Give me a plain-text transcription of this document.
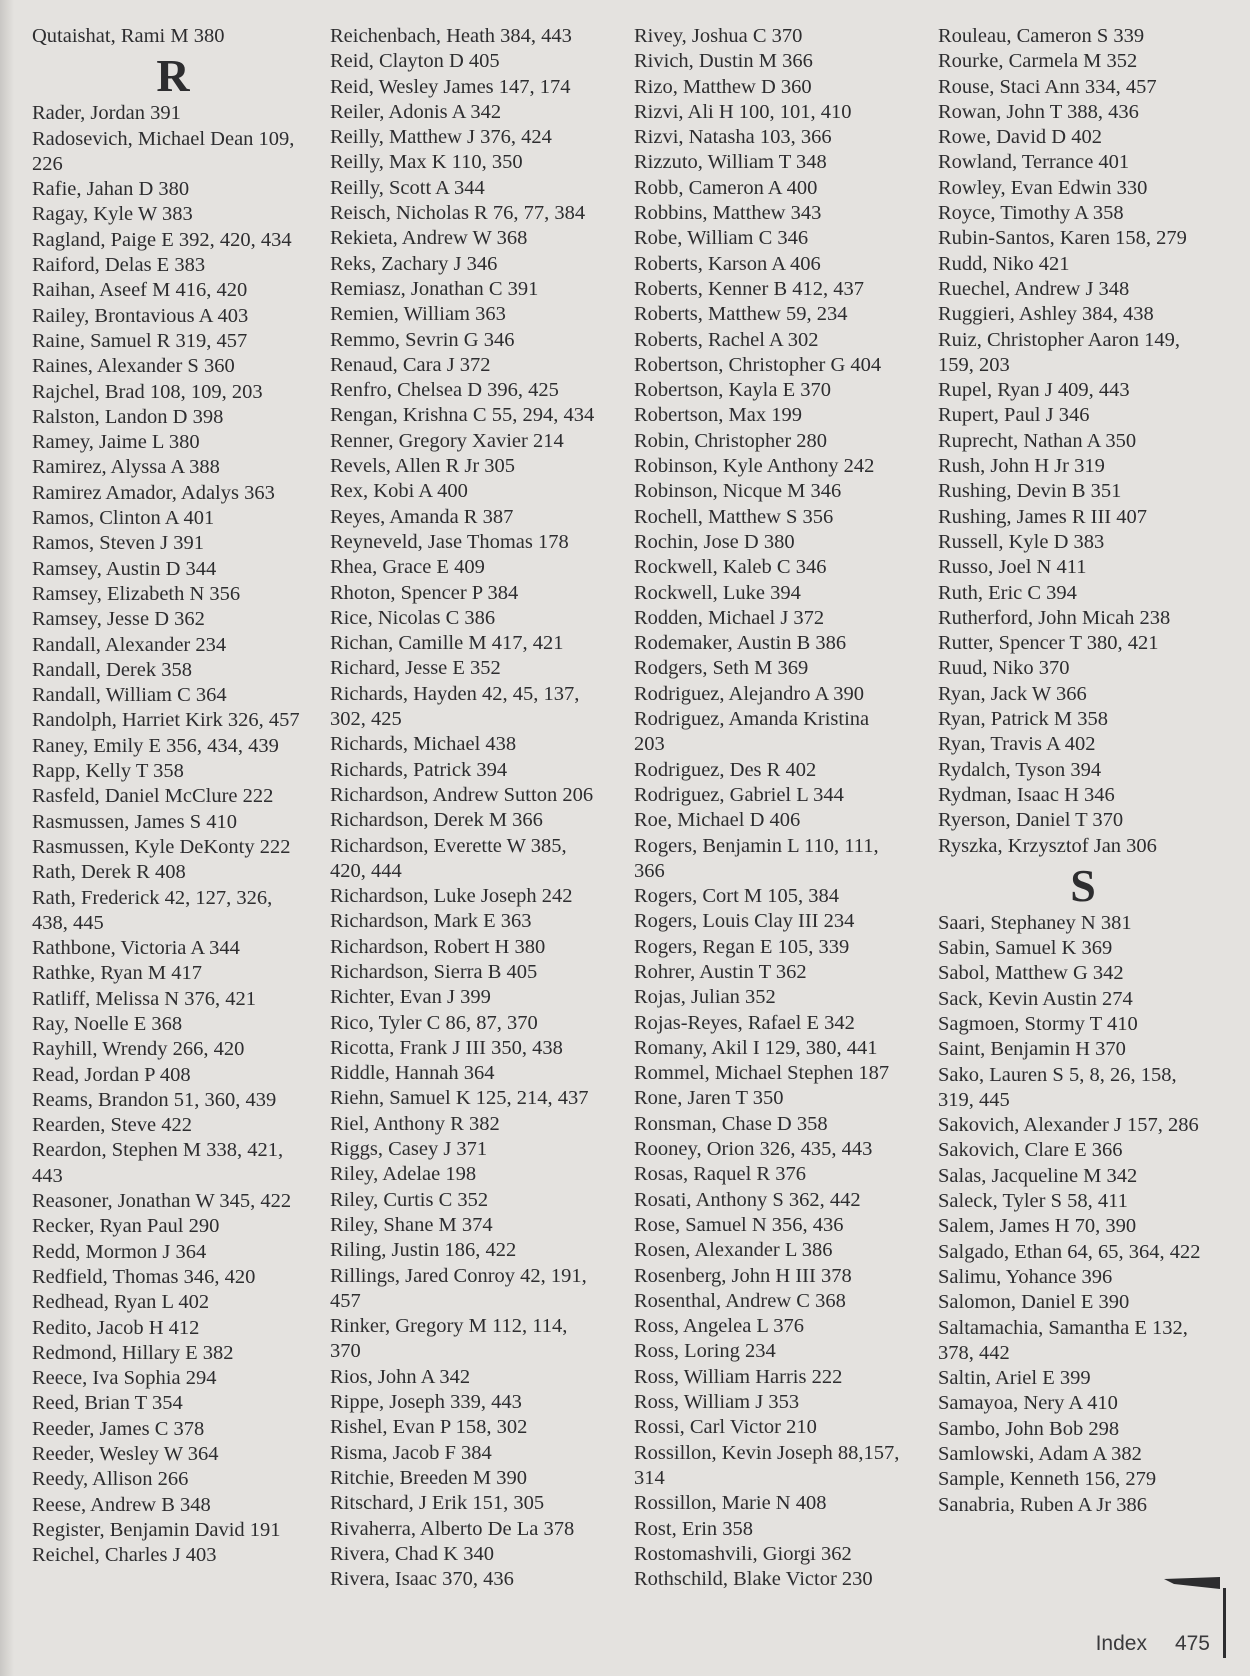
Qutaishat, Rami M 380
R
Rader, Jordan 391
Radosevich, Michael Dean 109,
226
Rafie, Jahan D 380
Ragay, Kyle W 383
Ragland, Paige E 392, 420, 434
Raiford, Delas E 383
Raihan, Aseef M 416, 420
Railey, Brontavious A 403
Raine, Samuel R 319, 457
Raines, Alexander S 360
Rajchel, Brad 108, 109, 203
Ralston, Landon D 398
Ramey, Jaime L 380
Ramirez, Alyssa A 388
Ramirez Amador, Adalys 363
Ramos, Clinton A 401
Ramos, Steven J 391
Ramsey, Austin D 344
Ramsey, Elizabeth N 356
Ramsey, Jesse D 362
Randall, Alexander 234
Randall, Derek 358
Randall, William C 364
Randolph, Harriet Kirk 326, 457
Raney, Emily E 356, 434, 439
Rapp, Kelly T 358
Rasfeld, Daniel McClure 222
Rasmussen, James S 410
Rasmussen, Kyle DeKonty 222
Rath, Derek R 408
Rath, Frederick 42, 127, 326,
438, 445
Rathbone, Victoria A 344
Rathke, Ryan M 417
Ratliff, Melissa N 376, 421
Ray, Noelle E 368
Rayhill, Wrendy 266, 420
Read, Jordan P 408
Reams, Brandon 51, 360, 439
Rearden, Steve 422
Reardon, Stephen M 338, 421,
443
Reasoner, Jonathan W 345, 422
Recker, Ryan Paul 290
Redd, Mormon J 364
Redfield, Thomas 346, 420
Redhead, Ryan L 402
Redito, Jacob H 412
Redmond, Hillary E 382
Reece, Iva Sophia 294
Reed, Brian T 354
Reeder, James C 378
Reeder, Wesley W 364
Reedy, Allison 266
Reese, Andrew B 348
Register, Benjamin David 191
Reichel, Charles J 403
Reichenbach, Heath 384, 443
Reid, Clayton D 405
Reid, Wesley James 147, 174
Reiler, Adonis A 342
Reilly, Matthew J 376, 424
Reilly, Max K 110, 350
Reilly, Scott A 344
Reisch, Nicholas R 76, 77, 384
Rekieta, Andrew W 368
Reks, Zachary J 346
Remiasz, Jonathan C 391
Remien, William 363
Remmo, Sevrin G 346
Renaud, Cara J 372
Renfro, Chelsea D 396, 425
Rengan, Krishna C 55, 294, 434
Renner, Gregory Xavier 214
Revels, Allen R Jr 305
Rex, Kobi A 400
Reyes, Amanda R 387
Reyneveld, Jase Thomas 178
Rhea, Grace E 409
Rhoton, Spencer P 384
Rice, Nicolas C 386
Richan, Camille M 417, 421
Richard, Jesse E 352
Richards, Hayden 42, 45, 137,
302, 425
Richards, Michael 438
Richards, Patrick 394
Richardson, Andrew Sutton 206
Richardson, Derek M 366
Richardson, Everette W 385,
420, 444
Richardson, Luke Joseph 242
Richardson, Mark E 363
Richardson, Robert H 380
Richardson, Sierra B 405
Richter, Evan J 399
Rico, Tyler C 86, 87, 370
Ricotta, Frank J III 350, 438
Riddle, Hannah 364
Riehn, Samuel K 125, 214, 437
Riel, Anthony R 382
Riggs, Casey J 371
Riley, Adelae 198
Riley, Curtis C 352
Riley, Shane M 374
Riling, Justin 186, 422
Rillings, Jared Conroy 42, 191,
457
Rinker, Gregory M 112, 114,
370
Rios, John A 342
Rippe, Joseph 339, 443
Rishel, Evan P 158, 302
Risma, Jacob F 384
Ritchie, Breeden M 390
Ritschard, J Erik 151, 305
Rivaherra, Alberto De La 378
Rivera, Chad K 340
Rivera, Isaac 370, 436
Rivey, Joshua C 370
Rivich, Dustin M 366
Rizo, Matthew D 360
Rizvi, Ali H 100, 101, 410
Rizvi, Natasha 103, 366
Rizzuto, William T 348
Robb, Cameron A 400
Robbins, Matthew 343
Robe, William C 346
Roberts, Karson A 406
Roberts, Kenner B 412, 437
Roberts, Matthew 59, 234
Roberts, Rachel A 302
Robertson, Christopher G 404
Robertson, Kayla E 370
Robertson, Max 199
Robin, Christopher 280
Robinson, Kyle Anthony 242
Robinson, Nicque M 346
Rochell, Matthew S 356
Rochin, Jose D 380
Rockwell, Kaleb C 346
Rockwell, Luke 394
Rodden, Michael J 372
Rodemaker, Austin B 386
Rodgers, Seth M 369
Rodriguez, Alejandro A 390
Rodriguez, Amanda Kristina
203
Rodriguez, Des R 402
Rodriguez, Gabriel L 344
Roe, Michael D 406
Rogers, Benjamin L 110, 111,
366
Rogers, Cort M 105, 384
Rogers, Louis Clay III 234
Rogers, Regan E 105, 339
Rohrer, Austin T 362
Rojas, Julian 352
Rojas-Reyes, Rafael E 342
Romany, Akil I 129, 380, 441
Rommel, Michael Stephen 187
Rone, Jaren T 350
Ronsman, Chase D 358
Rooney, Orion 326, 435, 443
Rosas, Raquel R 376
Rosati, Anthony S 362, 442
Rose, Samuel N 356, 436
Rosen, Alexander L 386
Rosenberg, John H III 378
Rosenthal, Andrew C 368
Ross, Angelea L 376
Ross, Loring 234
Ross, William Harris 222
Ross, William J 353
Rossi, Carl Victor 210
Rossillon, Kevin Joseph 88,157,
314
Rossillon, Marie N 408
Rost, Erin 358
Rostomashvili, Giorgi 362
Rothschild, Blake Victor 230
Rouleau, Cameron S 339
Rourke, Carmela M 352
Rouse, Staci Ann 334, 457
Rowan, John T 388, 436
Rowe, David D 402
Rowland, Terrance 401
Rowley, Evan Edwin 330
Royce, Timothy A 358
Rubin-Santos, Karen 158, 279
Rudd, Niko 421
Ruechel, Andrew J 348
Ruggieri, Ashley 384, 438
Ruiz, Christopher Aaron 149,
159, 203
Rupel, Ryan J 409, 443
Rupert, Paul J 346
Ruprecht, Nathan A 350
Rush, John H Jr 319
Rushing, Devin B 351
Rushing, James R III 407
Russell, Kyle D 383
Russo, Joel N 411
Ruth, Eric C 394
Rutherford, John Micah 238
Rutter, Spencer T 380, 421
Ruud, Niko 370
Ryan, Jack W 366
Ryan, Patrick M 358
Ryan, Travis A 402
Rydalch, Tyson 394
Rydman, Isaac H 346
Ryerson, Daniel T 370
Ryszka, Krzysztof Jan 306
S
Saari, Stephaney N 381
Sabin, Samuel K 369
Sabol, Matthew G 342
Sack, Kevin Austin 274
Sagmoen, Stormy T 410
Saint, Benjamin H 370
Sako, Lauren S 5, 8, 26, 158,
319, 445
Sakovich, Alexander J 157, 286
Sakovich, Clare E 366
Salas, Jacqueline M 342
Saleck, Tyler S 58, 411
Salem, James H 70, 390
Salgado, Ethan 64, 65, 364, 422
Salimu, Yohance 396
Salomon, Daniel E 390
Saltamachia, Samantha E 132,
378, 442
Saltin, Ariel E 399
Samayoa, Nery A 410
Sambo, John Bob 298
Samlowski, Adam A 382
Sample, Kenneth 156, 279
Sanabria, Ruben A Jr 386
Index 475
